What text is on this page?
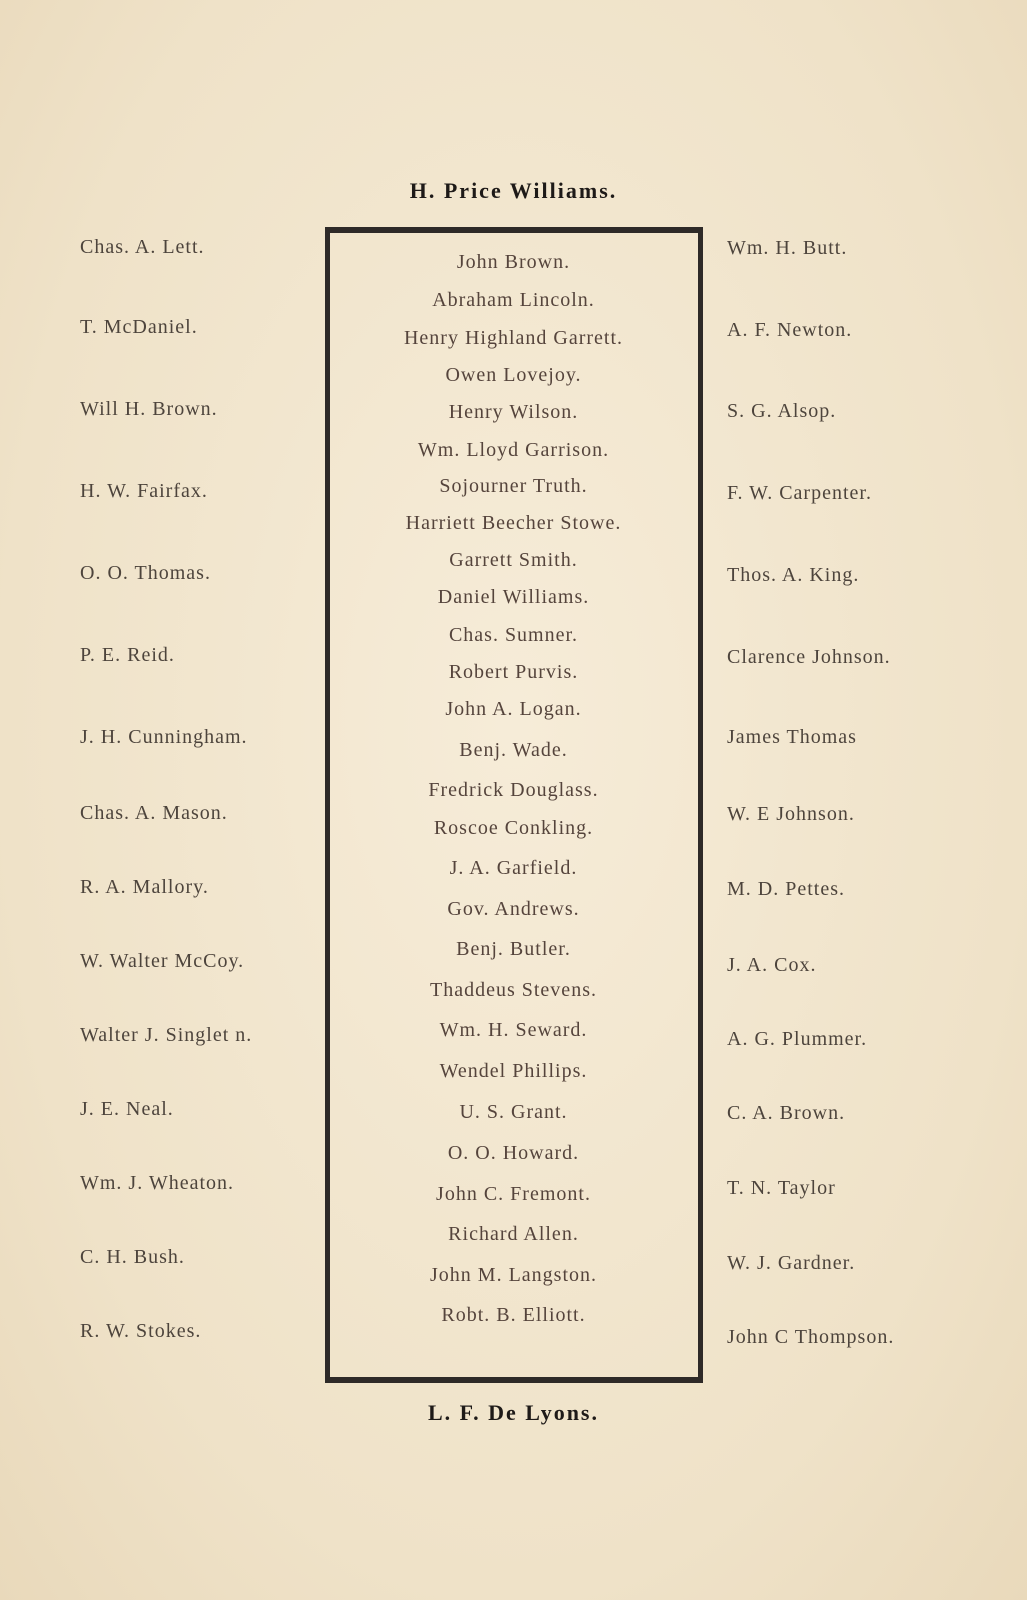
H. Price Williams.
Chas. A. Lett.
T. McDaniel.
Will H. Brown.
H. W. Fairfax.
O. O. Thomas.
P. E. Reid.
J. H. Cunningham.
Chas. A. Mason.
R. A. Mallory.
W. Walter McCoy.
Walter J. Singlet n.
J. E. Neal.
Wm. J. Wheaton.
C. H. Bush.
R. W. Stokes.
John Brown.
Abraham Lincoln.
Henry Highland Garrett.
Owen Lovejoy.
Henry Wilson.
Wm. Lloyd Garrison.
Sojourner Truth.
Harriett Beecher Stowe.
Garrett Smith.
Daniel Williams.
Chas. Sumner.
Robert Purvis.
John A. Logan.
Benj. Wade.
Fredrick Douglass.
Roscoe Conkling.
J. A. Garfield.
Gov. Andrews.
Benj. Butler.
Thaddeus Stevens.
Wm. H. Seward.
Wendel Phillips.
U. S. Grant.
O. O. Howard.
John C. Fremont.
Richard Allen.
John M. Langston.
Robt. B. Elliott.
Wm. H. Butt.
A. F. Newton.
S. G. Alsop.
F. W. Carpenter.
Thos. A. King.
Clarence Johnson.
James Thomas
W. E Johnson.
M. D. Pettes.
J. A. Cox.
A. G. Plummer.
C. A. Brown.
T. N. Taylor
W. J. Gardner.
John C Thompson.
L. F. De Lyons.
